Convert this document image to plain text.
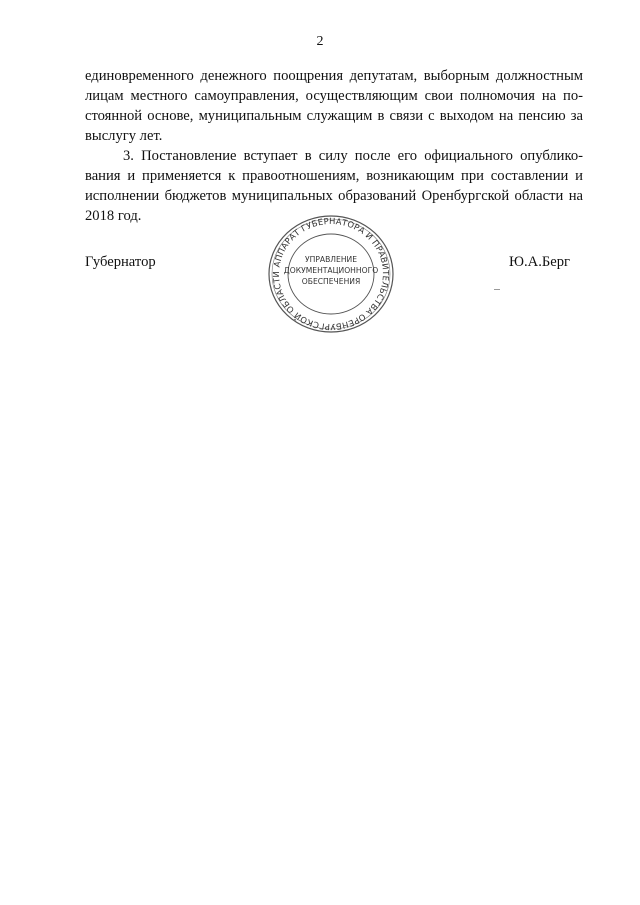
2

единовременного денежного поощрения депутатам, выборным должностным лицам местного самоуправления, осуществляющим свои полномочия на постоянной основе, муниципальным служащим в связи с выходом на пенсию за выслугу лет.

3. Постановление вступает в силу после его официального опубликования и применяется к правоотношениям, возникающим при составлении и исполнении бюджетов муниципальных образований Оренбургской области на 2018 год.

АППАРАТ ГУБЕРНАТОРА И ПРАВИТЕЛЬСТВА ОРЕНБУРГСКОЙ ОБЛАСТИ
УПРАВЛЕНИЕ
ДОКУМЕНТАЦИОННОГО
ОБЕСПЕЧЕНИЯ
Губернатор	Ю.А.Берг
